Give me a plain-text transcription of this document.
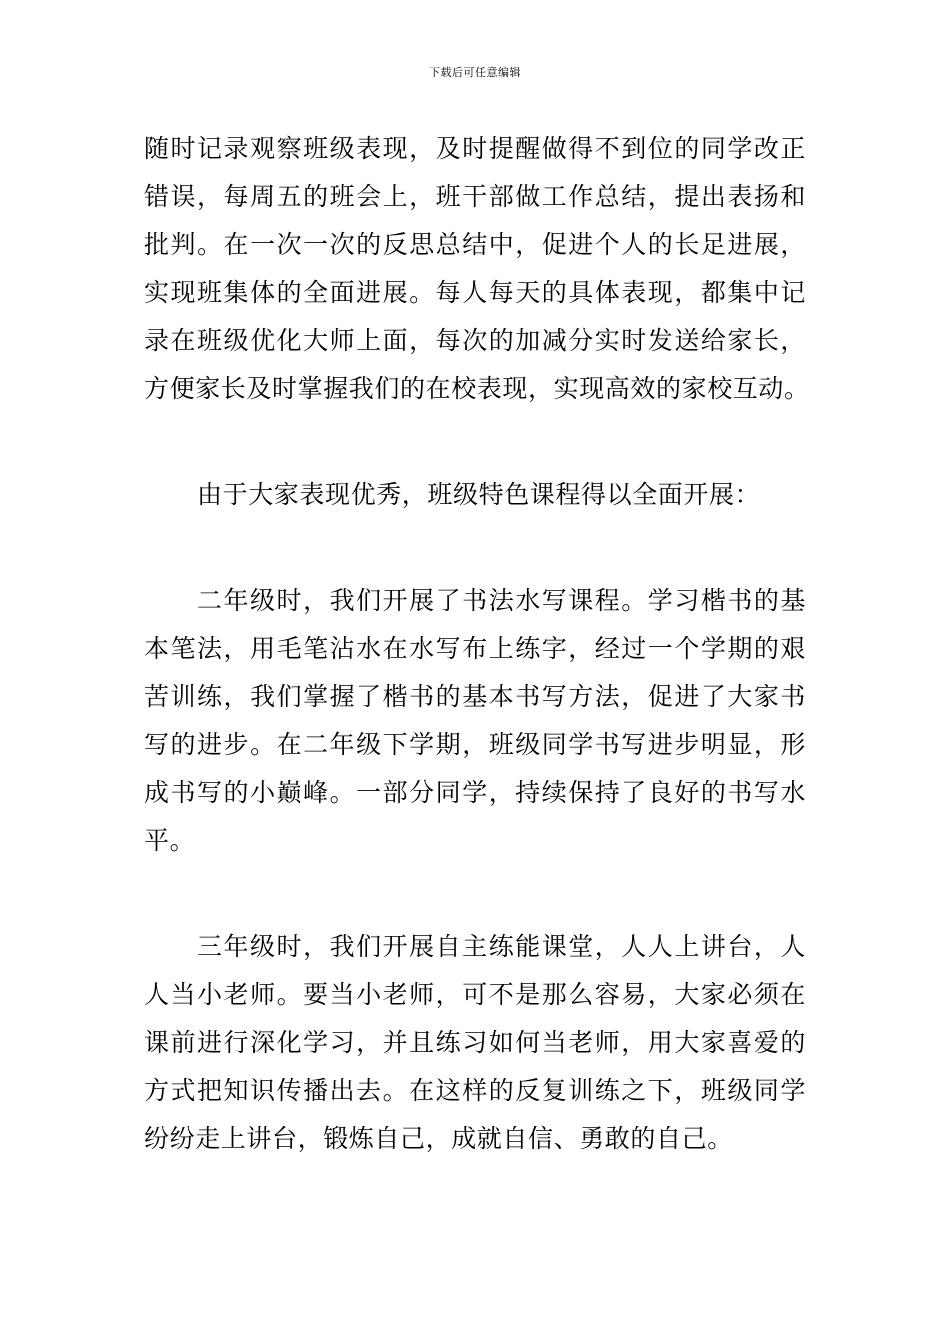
下载后可任意编辑
随时记录观察班级表现，及时提醒做得不到位的同学改正
错误，每周五的班会上，班干部做工作总结，提出表扬和
批判。在一次一次的反思总结中，促进个人的长足进展，
实现班集体的全面进展。每人每天的具体表现，都集中记
录在班级优化大师上面，每次的加减分实时发送给家长，
方便家长及时掌握我们的在校表现，实现高效的家校互动。
由于大家表现优秀，班级特色课程得以全面开展：
二年级时，我们开展了书法水写课程。学习楷书的基
本笔法，用毛笔沾水在水写布上练字，经过一个学期的艰
苦训练，我们掌握了楷书的基本书写方法，促进了大家书
写的进步。在二年级下学期，班级同学书写进步明显，形
成书写的小巅峰。一部分同学，持续保持了良好的书写水
平。
三年级时，我们开展自主练能课堂，人人上讲台，人
人当小老师。要当小老师，可不是那么容易，大家必须在
课前进行深化学习，并且练习如何当老师，用大家喜爱的
方式把知识传播出去。在这样的反复训练之下，班级同学
纷纷走上讲台，锻炼自己，成就自信、勇敢的自己。
